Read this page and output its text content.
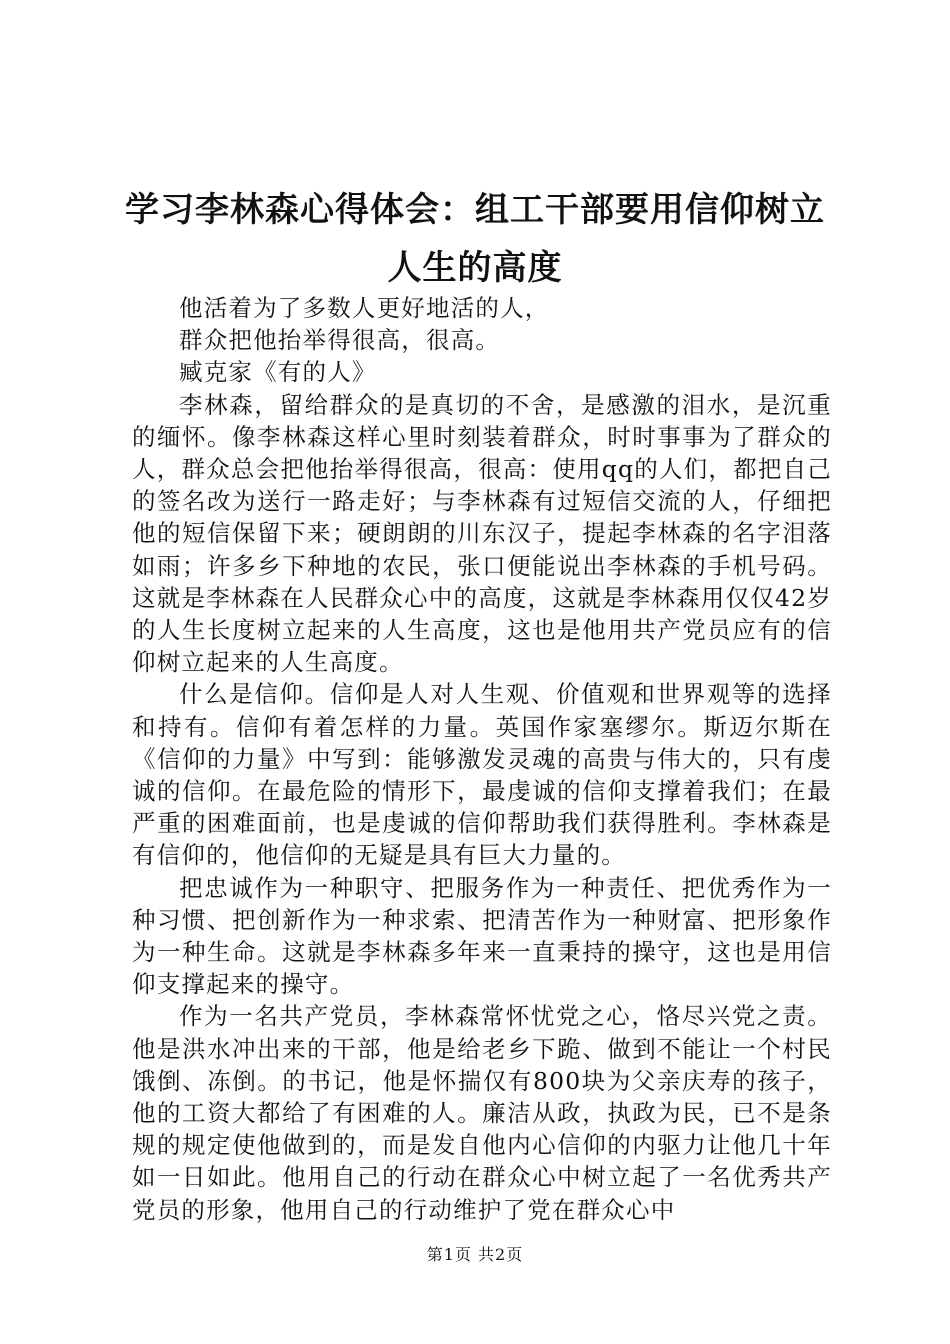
学习李林森心得体会：组工干部要用信仰树立
人生的高度

他活着为了多数人更好地活的人，

群众把他抬举得很高，很高。

臧克家《有的人》

李林森，留给群众的是真切的不舍，是感激的泪水，是沉重的缅怀。像李林森这样心里时刻装着群众，时时事事为了群众的人，群众总会把他抬举得很高，很高：使用qq的人们，都把自己的签名改为送行一路走好；与李林森有过短信交流的人，仔细把他的短信保留下来；硬朗朗的川东汉子，提起李林森的名字泪落如雨；许多乡下种地的农民，张口便能说出李林森的手机号码。这就是李林森在人民群众心中的高度，这就是李林森用仅仅42岁的人生长度树立起来的人生高度，这也是他用共产党员应有的信仰树立起来的人生高度。

什么是信仰。信仰是人对人生观、价值观和世界观等的选择和持有。信仰有着怎样的力量。英国作家塞缪尔。斯迈尔斯在《信仰的力量》中写到：能够激发灵魂的高贵与伟大的，只有虔诚的信仰。在最危险的情形下，最虔诚的信仰支撑着我们；在最严重的困难面前，也是虔诚的信仰帮助我们获得胜利。李林森是有信仰的，他信仰的无疑是具有巨大力量的。

把忠诚作为一种职守、把服务作为一种责任、把优秀作为一种习惯、把创新作为一种求索、把清苦作为一种财富、把形象作为一种生命。这就是李林森多年来一直秉持的操守，这也是用信仰支撑起来的操守。

作为一名共产党员，李林森常怀忧党之心，恪尽兴党之责。他是洪水冲出来的干部，他是给老乡下跪、做到不能让一个村民饿倒、冻倒。的书记，他是怀揣仅有800块为父亲庆寿的孩子，他的工资大都给了有困难的人。廉洁从政，执政为民，已不是条规的规定使他做到的，而是发自他内心信仰的内驱力让他几十年如一日如此。他用自己的行动在群众心中树立起了一名优秀共产党员的形象，他用自己的行动维护了党在群众心中

第1页 共2页
